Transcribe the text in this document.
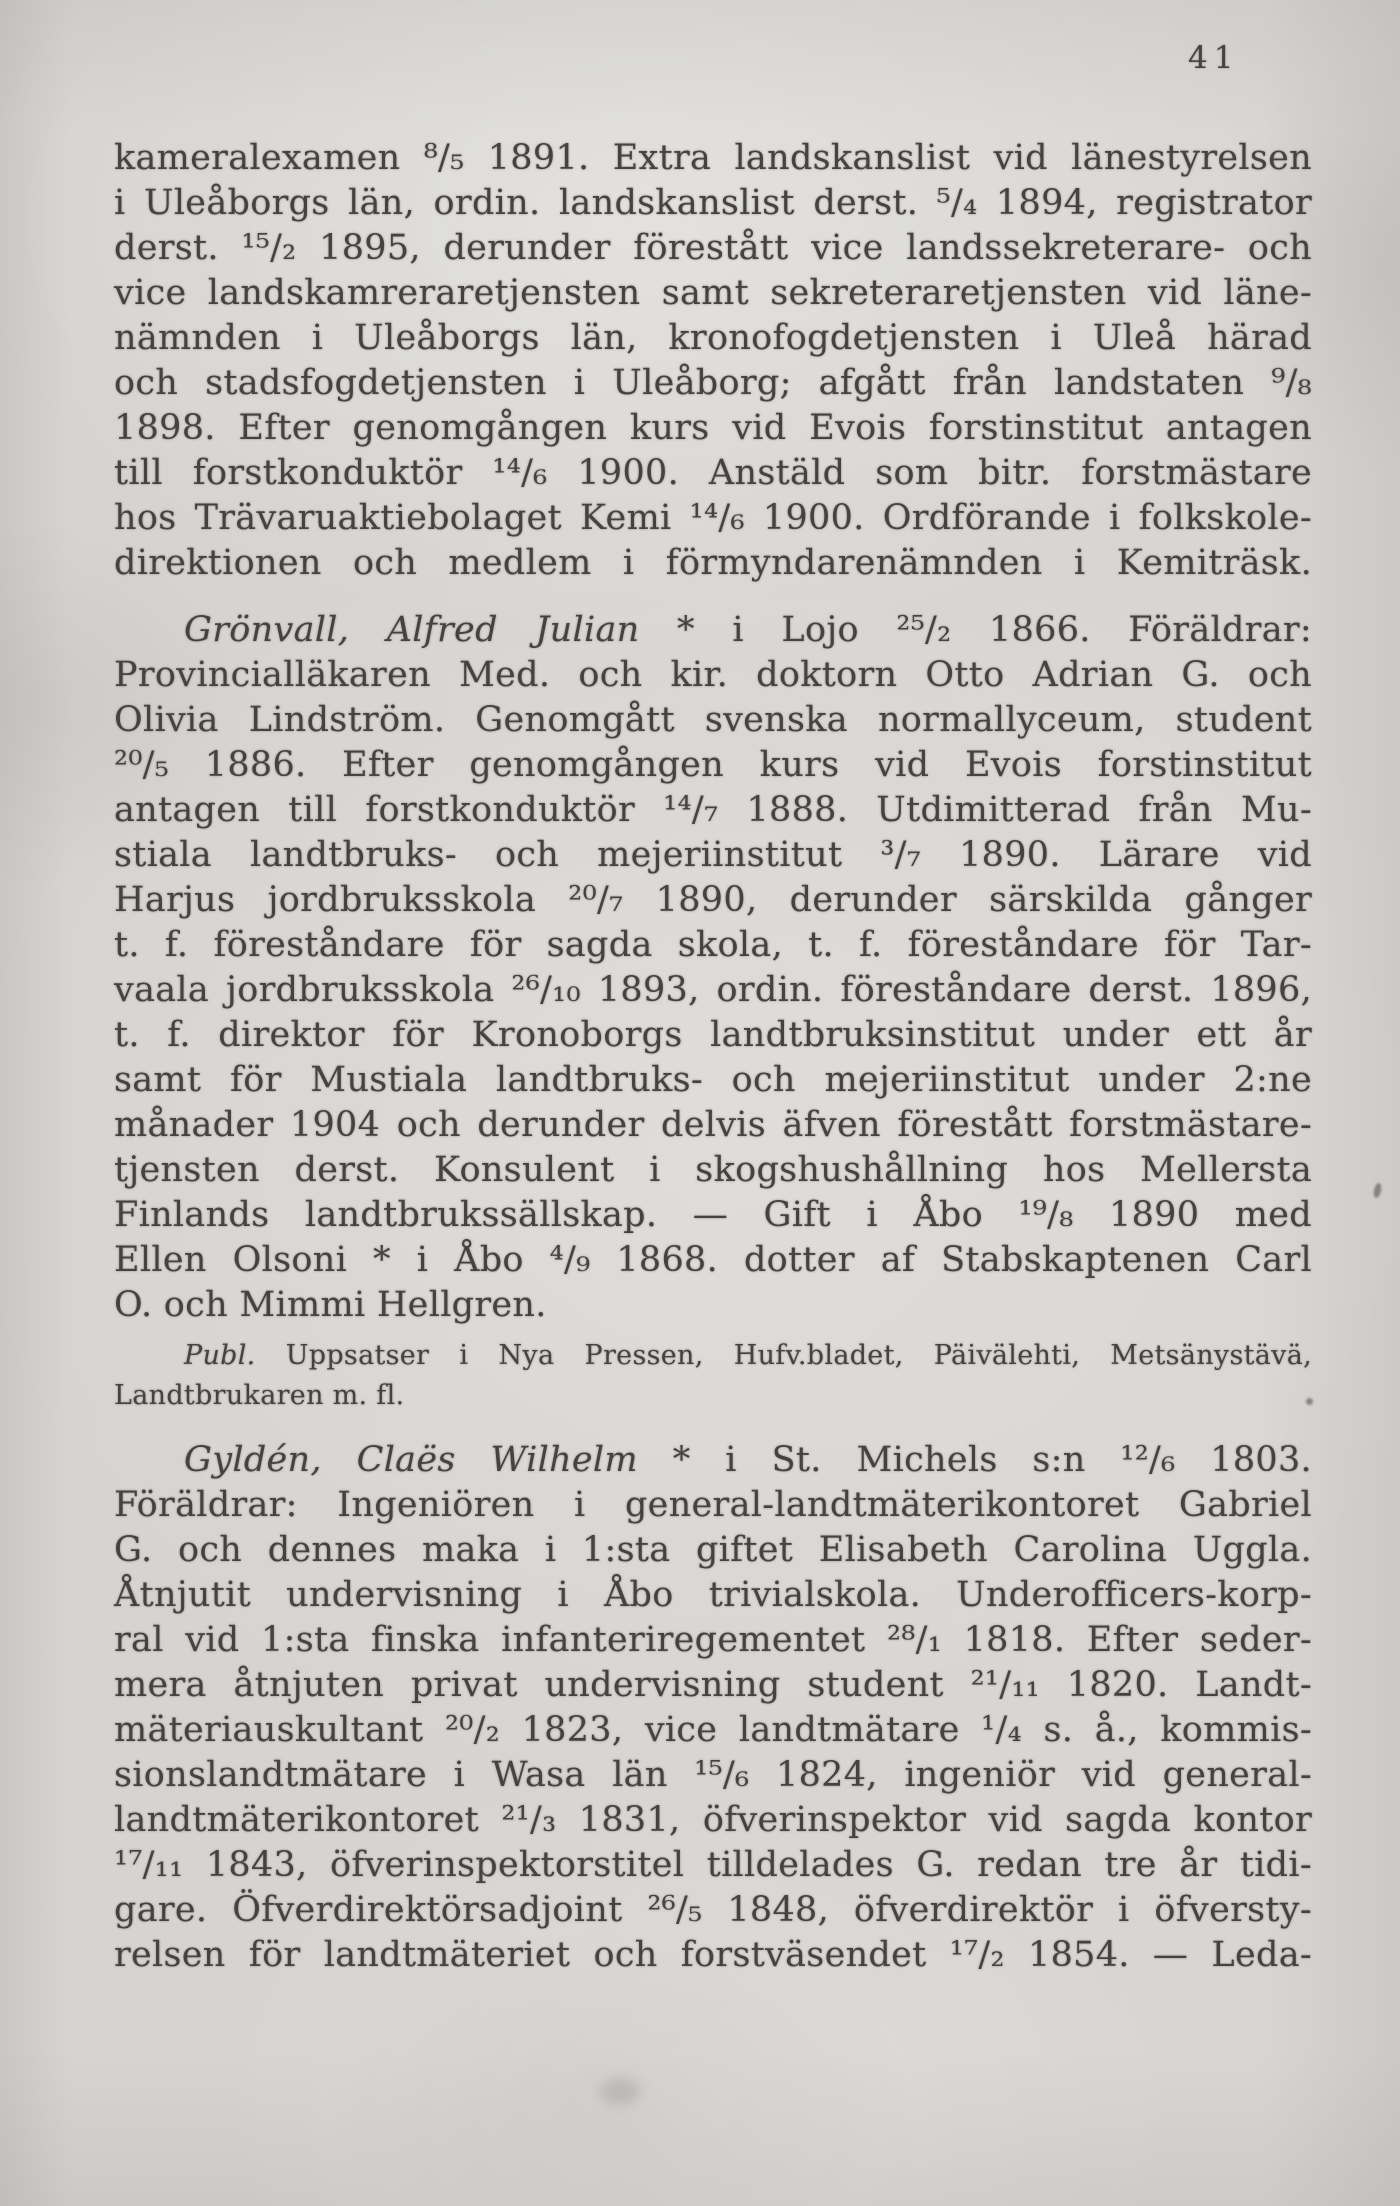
41
kameralexamen ⁸/₅ 1891. Extra landskanslist vid länestyrelsen
i Uleåborgs län, ordin. landskanslist derst. ⁵/₄ 1894, registrator
derst. ¹⁵/₂ 1895, derunder förestått vice landssekreterare- och
vice landskamreraretjensten samt sekreteraretjensten vid läne-
nämnden i Uleåborgs län, kronofogdetjensten i Uleå härad
och stadsfogdetjensten i Uleåborg; afgått från landstaten ⁹/₈
1898. Efter genomgången kurs vid Evois forstinstitut antagen
till forstkonduktör ¹⁴/₆ 1900. Anstäld som bitr. forstmästare
hos Trävaruaktiebolaget Kemi ¹⁴/₆ 1900. Ordförande i folkskole-
direktionen och medlem i förmyndarenämnden i Kemiträsk.
Grönvall, Alfred Julian * i Lojo ²⁵/₂ 1866. Föräldrar:
Provincialläkaren Med. och kir. doktorn Otto Adrian G. och
Olivia Lindström. Genomgått svenska normallyceum, student
²⁰/₅ 1886. Efter genomgången kurs vid Evois forstinstitut
antagen till forstkonduktör ¹⁴/₇ 1888. Utdimitterad från Mu-
stiala landtbruks- och mejeriinstitut ³/₇ 1890. Lärare vid
Harjus jordbruksskola ²⁰/₇ 1890, derunder särskilda gånger
t. f. föreståndare för sagda skola, t. f. föreståndare för Tar-
vaala jordbruksskola ²⁶/₁₀ 1893, ordin. föreståndare derst. 1896,
t. f. direktor för Kronoborgs landtbruksinstitut under ett år
samt för Mustiala landtbruks- och mejeriinstitut under 2:ne
månader 1904 och derunder delvis äfven förestått forstmästare-
tjensten derst. Konsulent i skogshushållning hos Mellersta
Finlands landtbrukssällskap. — Gift i Åbo ¹⁹/₈ 1890 med
Ellen Olsoni * i Åbo ⁴/₉ 1868. dotter af Stabskaptenen Carl
O. och Mimmi Hellgren.
Publ. Uppsatser i Nya Pressen, Hufv.bladet, Päivälehti, Metsänystävä,
Landtbrukaren m. fl.
Gyldén, Claës Wilhelm * i St. Michels s:n ¹²/₆ 1803.
Föräldrar: Ingeniören i general-landtmäterikontoret Gabriel
G. och dennes maka i 1:sta giftet Elisabeth Carolina Uggla.
Åtnjutit undervisning i Åbo trivialskola. Underofficers-korp-
ral vid 1:sta finska infanteriregementet ²⁸/₁ 1818. Efter seder-
mera åtnjuten privat undervisning student ²¹/₁₁ 1820. Landt-
mäteriauskultant ²⁰/₂ 1823, vice landtmätare ¹/₄ s. å., kommis-
sionslandtmätare i Wasa län ¹⁵/₆ 1824, ingeniör vid general-
landtmäterikontoret ²¹/₃ 1831, öfverinspektor vid sagda kontor
¹⁷/₁₁ 1843, öfverinspektorstitel tilldelades G. redan tre år tidi-
gare. Öfverdirektörsadjoint ²⁶/₅ 1848, öfverdirektör i öfversty-
relsen för landtmäteriet och forstväsendet ¹⁷/₂ 1854. — Leda-
